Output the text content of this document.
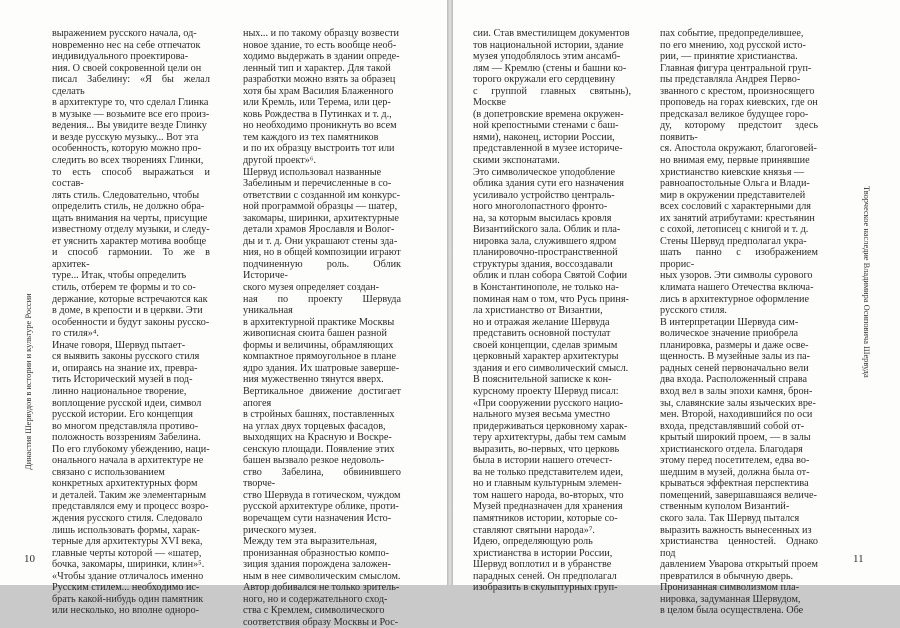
Династия Шервудов в истории и культуре России

выражением русского начала, од-

новременно нес на себе отпечаток

индивидуального проектирова-

ния. О своей сокровенной цели он

писал Забелину: «Я бы желал сделать

в архитектуре то, что сделал Глинка

в музыке — возьмите все его произ-

ведения... Вы увидите везде Глинку

и везде русскую музыку... Вот эта

особенность, которую можно про-

следить во всех творениях Глинки,

то есть способ выражаться и состав-

лять стиль. Следовательно, чтобы

определить стиль, не должно обра-

щать внимания на черты, присущие

известному отделу музыки, и следу-

ет уяснить характер мотива вообще

и способ гармонии. То же в архитек-

туре... Итак, чтобы определить

стиль, отберем те формы и то со-

держание, которые встречаются как

в доме, в крепости и в церкви. Эти

особенности и будут законы русско-

го стиля»⁴.

Иначе говоря, Шервуд пытает-

ся выявить законы русского стиля

и, опираясь на знание их, превра-

тить Исторический музей в под-

линно национальное творение,

воплощение русской идеи, символ

русской истории. Его концепция

во многом представляла противо-

положность воззрениям Забелина.

По его глубокому убеждению, наци-

онального начала в архитектуре не

связано с использованием

конкретных архитектурных форм

и деталей. Таким же элементарным

представлялся ему и процесс возро-

ждения русского стиля. Следовало

лишь использовать формы, харак-

терные для архитектуры XVI века,

главные черты которой — «шатер,

бочка, закомары, ширинки, клин»⁵.

«Чтобы здание отличалось именно

Русским стилем... необходимо ис-

брать какой-нибудь один памятник

или несколько, но вполне одноро-

ных... и по такому образцу возвести

новое здание, то есть вообще необ-

ходимо выдержать в здании опреде-

ленный тип и характер. Для такой

разработки можно взять за образец

хотя бы храм Василия Блаженного

или Кремль, или Терема, или цер-

ковь Рождества в Путинках и т. д.,

но необходимо проникнуть во всем

тем каждого из тех памятников

и по их образцу выстроить тот или

другой проект»⁶.

Шервуд использовал названные

Забелиным и перечисленные в со-

ответствии с созданной им конкурс-

ной программой образцы — шатер,

закомары, ширинки, архитектурные

детали храмов Ярославля и Волог-

ды и т. д. Они украшают стены зда-

ния, но в общей композиции играют

подчиненную роль. Облик Историче-

ского музея определяет создан-

ная по проекту Шервуда уникальная

в архитектурной практике Москвы

живописная сюита башен разной

формы и величины, обрамляющих

компактное прямоугольное в плане

ядро здания. Их шатровые заверше-

ния мужественно тянутся вверх.

Вертикальное движение достигает апогея

в стройных башнях, поставленных

на углах двух торцевых фасадов,

выходящих на Красную и Воскре-

сенскую площади. Появление этих

башен вызвало резкое недоволь-

ство Забелина, обвинившего творче-

ство Шервуда в готическом, чуждом

русской архитектуре облике, проти-

воречащем сути назначения Исто-

рического музея.

Между тем эта выразительная,

пронизанная образностью компо-

зиция здания порождена заложен-

ным в нее символическим смыслом.

Автор добивался не только зритель-

ного, но и содержательного сход-

ства с Кремлем, символического

соответствия образу Москвы и Рос-

10

сии. Став вместилищем документов

тов национальной истории, здание

музея уподоблялось этим ансамб-

лям — Кремлю (стены и башни ко-

торого окружали его сердцевину

с группой главных святынь), Москве

(в допетровские времена окружен-

ной крепостными стенами с баш-

нями), наконец, истории России,

представленной в музее историче-

скими экспонатами.

Это символическое уподобление

облика здания сути его назначения

усиливало устройство централь-

ного многолопастного фронто-

на, за которым высилась кровля

Византийского зала. Облик и пла-

нировка зала, служившего ядром

планировочно-пространственной

структуры здания, воссоздавали

облик и план собора Святой Софии

в Константинополе, не только на-

поминая нам о том, что Русь приня-

ла христианство от Византии,

но и отражая желание Шервуда

представить основной постулат

своей концепции, сделав зримым

церковный характер архитектуры

здания и его символический смысл.

В пояснительной записке к кон-

курсному проекту Шервуд писал:

«При сооружении русского нацио-

нального музея весьма уместно

придерживаться церковному харак-

теру архитектуры, дабы тем самым

выразить, во-первых, что церковь

была в истории нашего отечест-

ва не только представителем идеи,

но и главным культурным элемен-

том нашего народа, во-вторых, что

Музей предназначен для хранения

памятников истории, которые со-

ставляют святыни народа»⁷.

Идею, определяющую роль

христианства в истории России,

Шервуд воплотил и в убранстве

парадных сеней. Он предполагал

изобразить в скульптурных груп-

пах событие, предопределившее,

по его мнению, ход русской исто-

рии, — принятие христианства.

Главная фигура центральной груп-

пы представляла Андрея Перво-

званного с крестом, произносящего

проповедь на горах киевских, где он

предсказал великое будущее горо-

ду, которому предстоит здесь появить-

ся. Апостола окружают, благоговей-

но внимая ему, первые принявшие

христианство киевские князья —

равноапостольные Ольга и Влади-

мир в окружении представителей

всех сословий с характерными для

их занятий атрибутами: крестьянин

с сохой, летописец с книгой и т. д.

Стены Шервуд предполагал укра-

шать панно с изображением прорис-

ных узоров. Эти символы сурового

климата нашего Отечества включа-

лись в архитектурное оформление

русского стиля.

В интерпретации Шервуда сим-

волическое значение приобрела

планировка, размеры и даже осве-

щенность. В музейные залы из па-

радных сеней первоначально вели

два входа. Расположенный справа

вход вел в залы эпохи камня, брон-

зы, славянские залы языческих вре-

мен. Второй, находившийся по оси

входа, представлявший собой от-

крытый широкий проем, — в залы

христианского отдела. Благодаря

этому перед посетителем, едва во-

шедшим в музей, должна была от-

крываться эффектная перспектива

помещений, завершавшаяся величе-

ственным куполом Византий-

ского зала. Так Шервуд пытался

выразить важность вынесенных из

христианства ценностей. Однако под

давлением Уварова открытый проем

превратился в обычную дверь.

Пронизанная символизмом пла-

нировка, задуманная Шервудом,

в целом была осуществлена. Обе

Творческое наследие Владимира Осиповича Шервуда
11
